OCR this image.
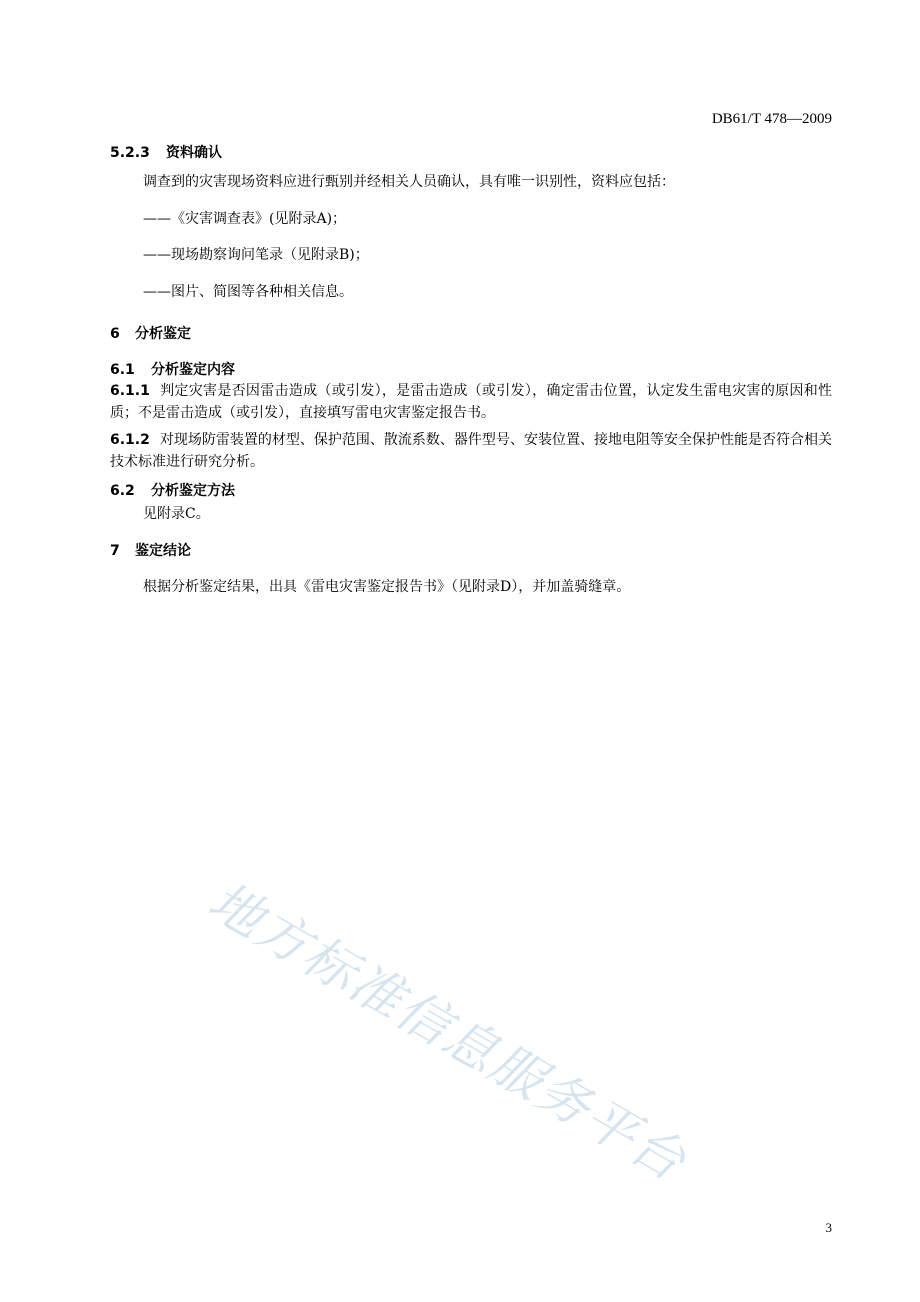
DB61/T 478—2009
5.2.3 资料确认
调查到的灾害现场资料应进行甄别并经相关人员确认，具有唯一识别性，资料应包括：
——《灾害调查表》(见附录A)；
——现场勘察询问笔录（见附录B)；
——图片、简图等各种相关信息。
6 分析鉴定
6.1 分析鉴定内容
6.1.1 判定灾害是否因雷击造成（或引发），是雷击造成（或引发），确定雷击位置，认定发生雷电灾害的原因和性质；不是雷击造成（或引发），直接填写雷电灾害鉴定报告书。
6.1.2 对现场防雷装置的材型、保护范围、散流系数、器件型号、安装位置、接地电阻等安全保护性能是否符合相关技术标准进行研究分析。
6.2 分析鉴定方法
见附录C。
7 鉴定结论
根据分析鉴定结果，出具《雷电灾害鉴定报告书》（见附录D），并加盖骑缝章。
地方标准信息服务平台
3
